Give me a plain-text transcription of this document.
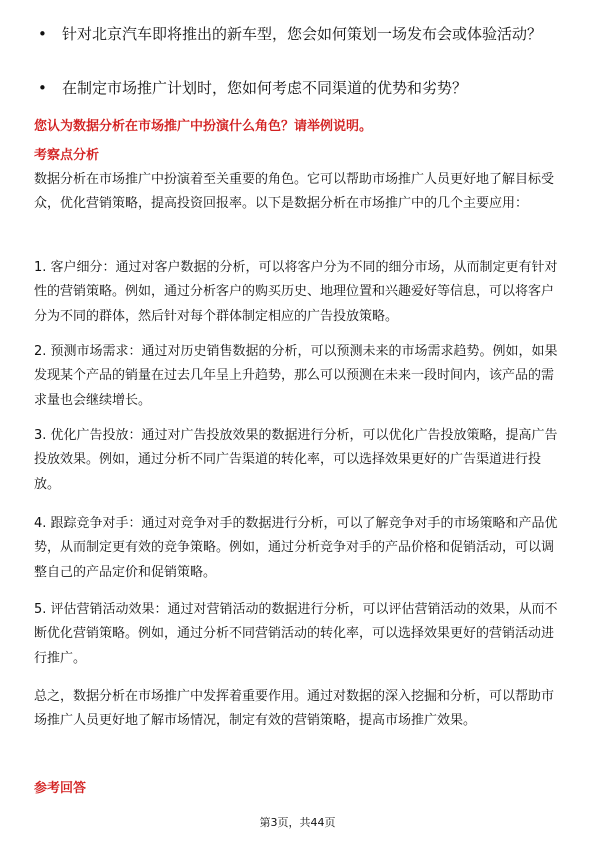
• 针对北京汽车即将推出的新车型，您会如何策划一场发布会或体验活动？
• 在制定市场推广计划时，您如何考虑不同渠道的优势和劣势？
您认为数据分析在市场推广中扮演什么角色？请举例说明。
考察点分析
数据分析在市场推广中扮演着至关重要的角色。它可以帮助市场推广人员更好地了解目标受众，优化营销策略，提高投资回报率。以下是数据分析在市场推广中的几个主要应用：
1. 客户细分：通过对客户数据的分析，可以将客户分为不同的细分市场，从而制定更有针对性的营销策略。例如，通过分析客户的购买历史、地理位置和兴趣爱好等信息，可以将客户分为不同的群体，然后针对每个群体制定相应的广告投放策略。
2. 预测市场需求：通过对历史销售数据的分析，可以预测未来的市场需求趋势。例如，如果发现某个产品的销量在过去几年呈上升趋势，那么可以预测在未来一段时间内，该产品的需求量也会继续增长。
3. 优化广告投放：通过对广告投放效果的数据进行分析，可以优化广告投放策略，提高广告投放效果。例如，通过分析不同广告渠道的转化率，可以选择效果更好的广告渠道进行投放。
4. 跟踪竞争对手：通过对竞争对手的数据进行分析，可以了解竞争对手的市场策略和产品优势，从而制定更有效的竞争策略。例如，通过分析竞争对手的产品价格和促销活动，可以调整自己的产品定价和促销策略。
5. 评估营销活动效果：通过对营销活动的数据进行分析，可以评估营销活动的效果，从而不断优化营销策略。例如，通过分析不同营销活动的转化率，可以选择效果更好的营销活动进行推广。
总之，数据分析在市场推广中发挥着重要作用。通过对数据的深入挖掘和分析，可以帮助市场推广人员更好地了解市场情况，制定有效的营销策略，提高市场推广效果。
参考回答
第3页，共44页
